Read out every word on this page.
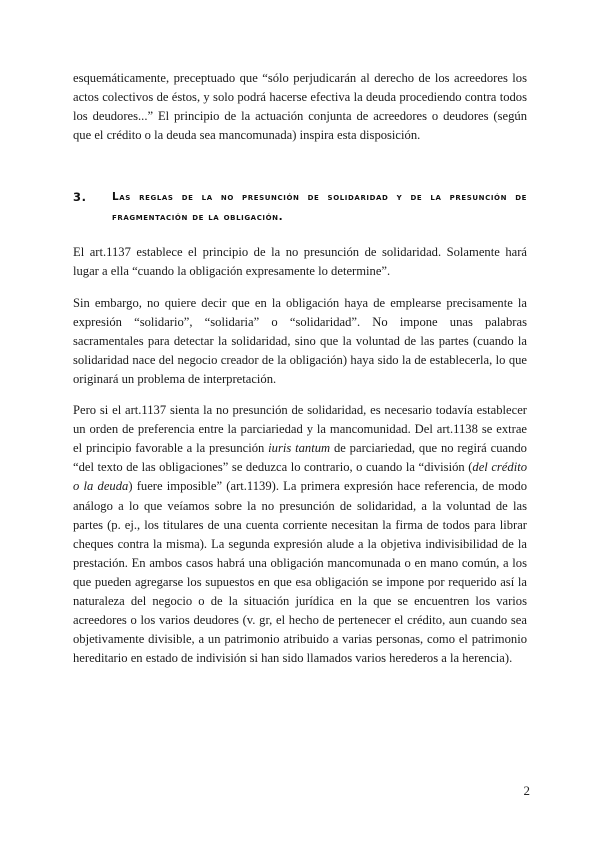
esquemáticamente, preceptuado que “sólo perjudicarán al derecho de los acreedores los actos colectivos de éstos, y solo podrá hacerse efectiva la deuda procediendo contra todos los deudores...” El principio de la actuación conjunta de acreedores o deudores (según que el crédito o la deuda sea mancomunada) inspira esta disposición.

3.	Las reglas de la no presunción de solidaridad y de la presunción de fragmentación de la obligación.

El art.1137 establece el principio de la no presunción de solidaridad. Solamente hará lugar a ella “cuando la obligación expresamente lo determine”.

Sin embargo, no quiere decir que en la obligación haya de emplearse precisamente la expresión “solidario”, “solidaria” o “solidaridad”. No impone unas palabras sacramentales para detectar la solidaridad, sino que la voluntad de las partes (cuando la solidaridad nace del negocio creador de la obligación) haya sido la de establecerla, lo que originará un problema de interpretación.

Pero si el art.1137 sienta la no presunción de solidaridad, es necesario todavía establecer un orden de preferencia entre la parciariedad y la mancomunidad. Del art.1138 se extrae el principio favorable a la presunción iuris tantum de parciariedad, que no regirá cuando “del texto de las obligaciones” se deduzca lo contrario, o cuando la “división (del crédito o la deuda) fuere imposible” (art.1139). La primera expresión hace referencia, de modo análogo a lo que veíamos sobre la no presunción de solidaridad, a la voluntad de las partes (p. ej., los titulares de una cuenta corriente necesitan la firma de todos para librar cheques contra la misma). La segunda expresión alude a la objetiva indivisibilidad de la prestación. En ambos casos habrá una obligación mancomunada o en mano común, a los que pueden agregarse los supuestos en que esa obligación se impone por requerido así la naturaleza del negocio o de la situación jurídica en la que se encuentren los varios acreedores o los varios deudores (v. gr, el hecho de pertenecer el crédito, aun cuando sea objetivamente divisible, a un patrimonio atribuido a varias personas, como el patrimonio hereditario en estado de indivisión si han sido llamados varios herederos a la herencia).

2
